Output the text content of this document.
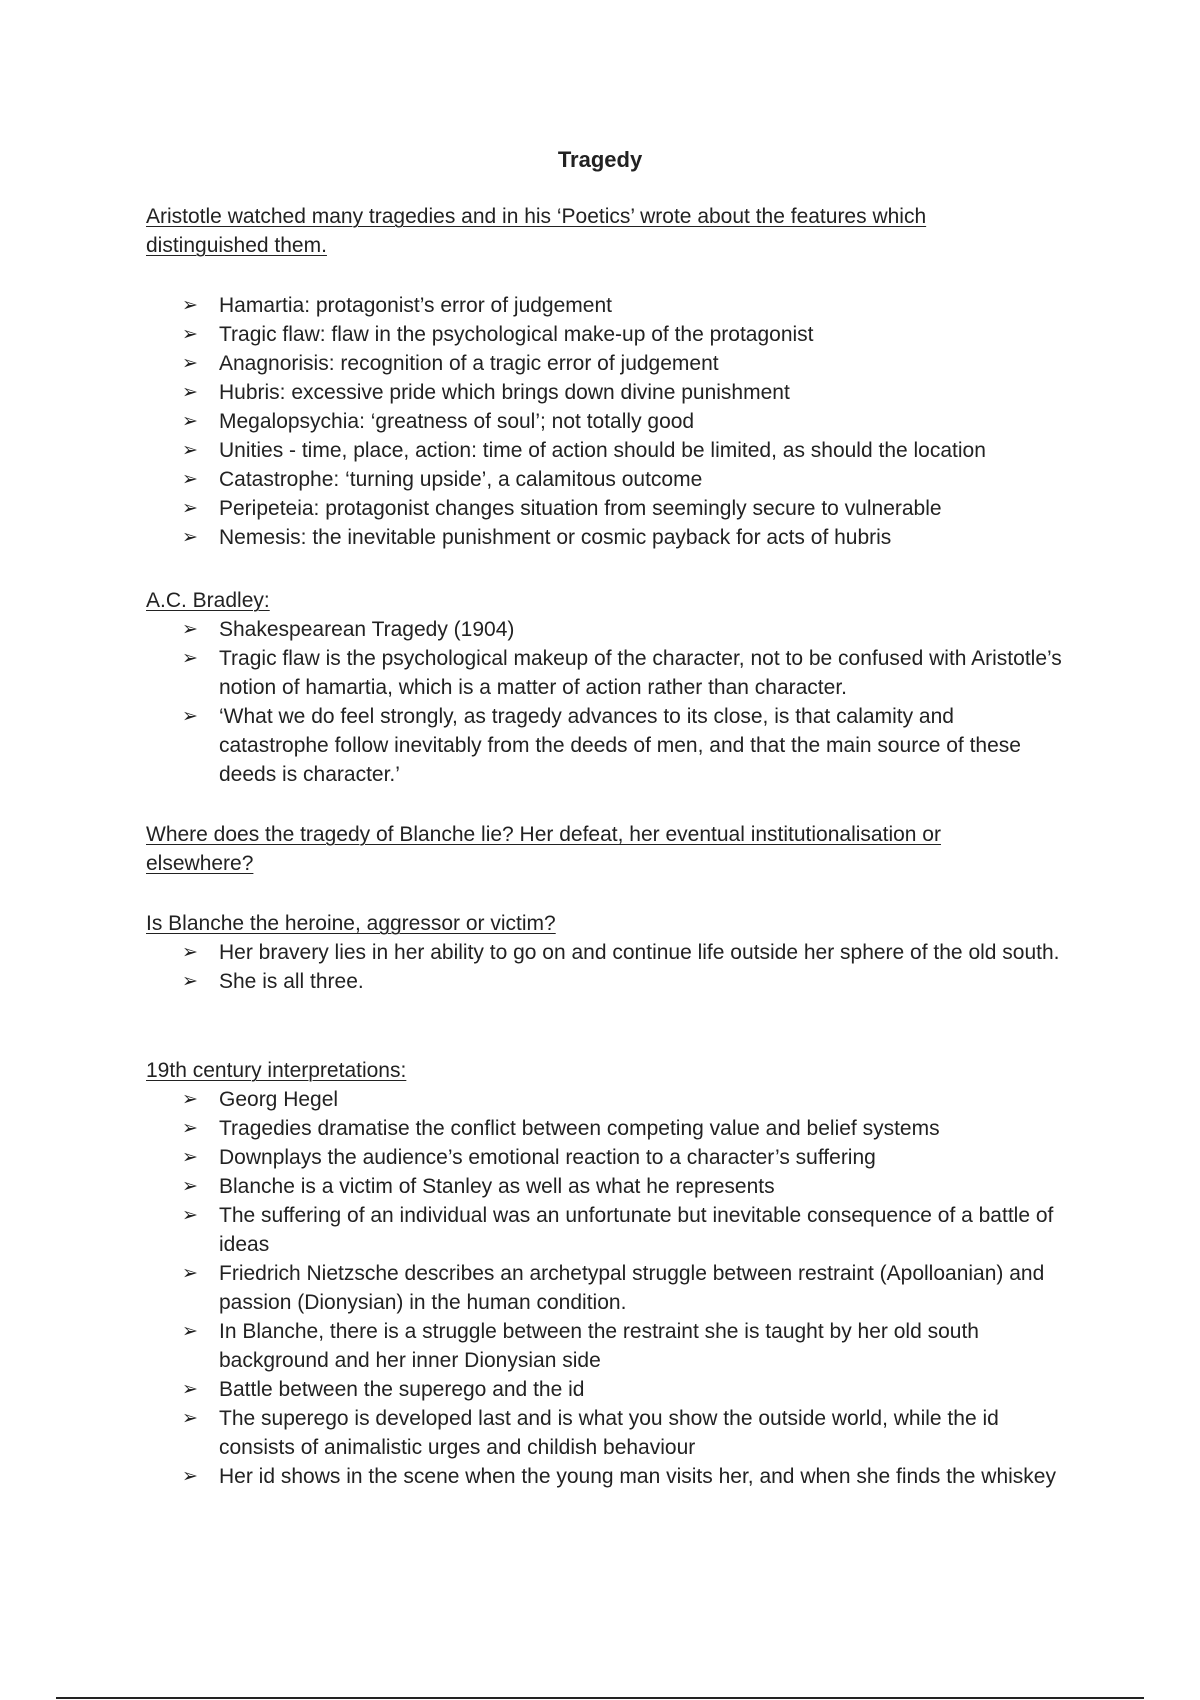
Tragedy
Aristotle watched many tragedies and in his ‘Poetics’ wrote about the features which distinguished them.
➢ Hamartia: protagonist’s error of judgement
➢ Tragic flaw: flaw in the psychological make-up of the protagonist
➢ Anagnorisis: recognition of a tragic error of judgement
➢ Hubris: excessive pride which brings down divine punishment
➢ Megalopsychia: ‘greatness of soul’; not totally good
➢ Unities - time, place, action: time of action should be limited, as should the location
➢ Catastrophe: ‘turning upside’, a calamitous outcome
➢ Peripeteia: protagonist changes situation from seemingly secure to vulnerable
➢ Nemesis: the inevitable punishment or cosmic payback for acts of hubris
A.C. Bradley:
➢ Shakespearean Tragedy (1904)
➢ Tragic flaw is the psychological makeup of the character, not to be confused with Aristotle’s notion of hamartia, which is a matter of action rather than character.
➢ ‘What we do feel strongly, as tragedy advances to its close, is that calamity and catastrophe follow inevitably from the deeds of men, and that the main source of these deeds is character.’
Where does the tragedy of Blanche lie? Her defeat, her eventual institutionalisation or elsewhere?
Is Blanche the heroine, aggressor or victim?
➢ Her bravery lies in her ability to go on and continue life outside her sphere of the old south.
➢ She is all three.
19th century interpretations:
➢ Georg Hegel
➢ Tragedies dramatise the conflict between competing value and belief systems
➢ Downplays the audience’s emotional reaction to a character’s suffering
➢ Blanche is a victim of Stanley as well as what he represents
➢ The suffering of an individual was an unfortunate but inevitable consequence of a battle of ideas
➢ Friedrich Nietzsche describes an archetypal struggle between restraint (Apolloanian) and passion (Dionysian) in the human condition.
➢ In Blanche, there is a struggle between the restraint she is taught by her old south background and her inner Dionysian side
➢ Battle between the superego and the id
➢ The superego is developed last and is what you show the outside world, while the id consists of animalistic urges and childish behaviour
➢ Her id shows in the scene when the young man visits her, and when she finds the whiskey
